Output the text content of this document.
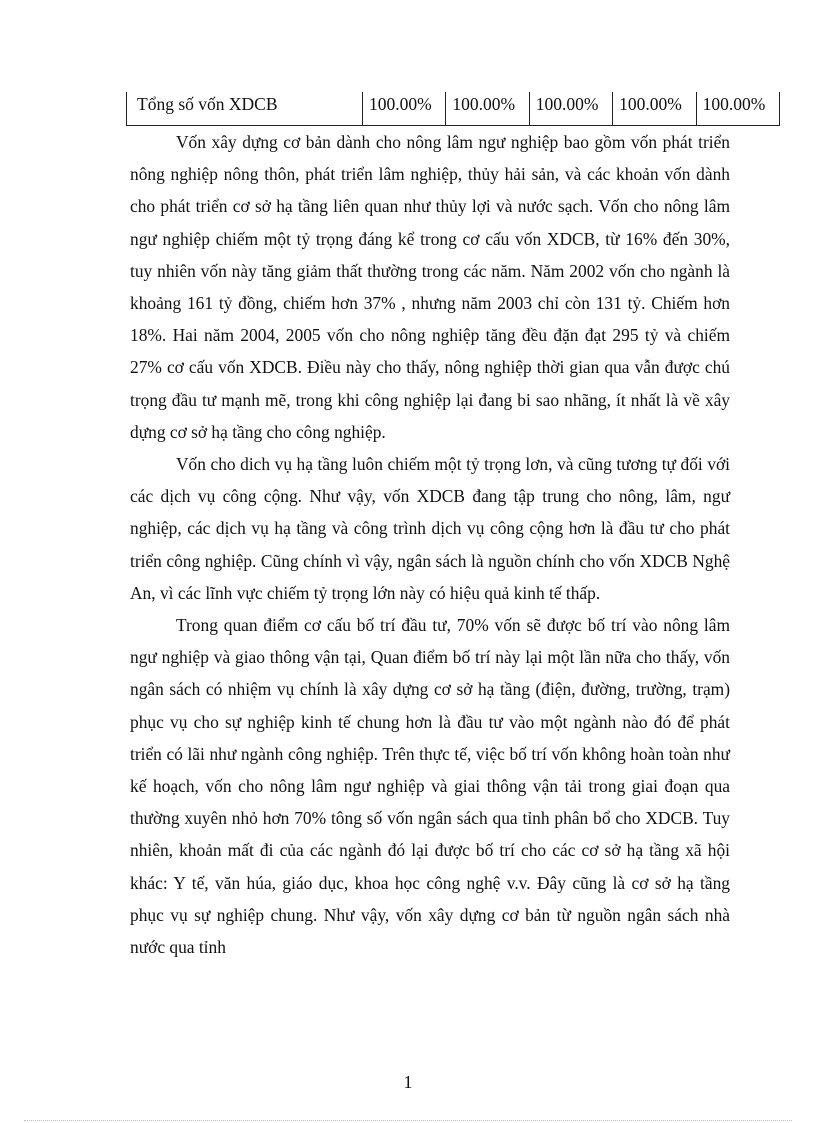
Tổng số vốn XDCB	100.00%	100.00%	100.00%	100.00%	100.00%

Vốn xây dựng cơ bản dành cho nông lâm ngư nghiệp bao gồm vốn phát triển nông nghiệp nông thôn, phát triển lâm nghiệp, thủy hải sản, và các khoản vốn dành cho phát triển cơ sở hạ tầng liên quan như thủy lợi và nước sạch. Vốn cho nông lâm ngư nghiệp chiếm một tỷ trọng đáng kể trong cơ cấu vốn XDCB, từ 16% đến 30%, tuy nhiên vốn này tăng giảm thất thường trong các năm. Năm 2002 vốn cho ngành là khoảng 161 tỷ đồng, chiếm hơn 37% , nhưng năm 2003 chỉ còn 131 tỷ. Chiếm hơn 18%. Hai năm 2004, 2005 vốn cho nông nghiệp tăng đều đặn đạt 295 tỷ và chiếm 27% cơ cấu vốn XDCB. Điều này cho thấy, nông nghiệp thời gian qua vẫn được chú trọng đầu tư mạnh mẽ, trong khi công nghiệp lại đang bi sao nhãng, ít nhất là về xây dựng cơ sở hạ tầng cho công nghiệp.

Vốn cho dich vụ hạ tầng luôn chiếm một tỷ trọng lơn, và cũng tương tự đối với các dịch vụ công cộng. Như vậy, vốn XDCB đang tập trung cho nông, lâm, ngư nghiệp, các dịch vụ hạ tầng và công trình dịch vụ công cộng hơn là đầu tư cho phát triển công nghiệp. Cũng chính vì vậy, ngân sách là nguồn chính cho vốn XDCB Nghệ An, vì các lĩnh vực chiếm tỷ trọng lớn này có hiệu quả kinh tế thấp.

Trong quan điểm cơ cấu bố trí đầu tư, 70% vốn sẽ được bố trí vào nông lâm ngư nghiệp và giao thông vận tại, Quan điểm bố trí này lại một lần nữa cho thấy, vốn ngân sách có nhiệm vụ chính là xây dựng cơ sở hạ tầng (điện, đường, trường, trạm) phục vụ cho sự nghiệp kinh tế chung hơn là đầu tư vào một ngành nào đó để phát triển có lãi như ngành công nghiệp. Trên thực tế, việc bố trí vốn không hoàn toàn như kế hoạch, vốn cho nông lâm ngư nghiệp và giai thông vận tải trong giai đoạn qua thường xuyên nhỏ hơn 70% tông số vốn ngân sách qua tỉnh phân bổ cho XDCB. Tuy nhiên, khoản mất đi của các ngành đó lại được bố trí cho các cơ sở hạ tầng xã hội khác: Y tế, văn húa, giáo dục, khoa học công nghệ v.v. Đây cũng là cơ sở hạ tầng phục vụ sự nghiệp chung. Như vậy, vốn xây dựng cơ bản từ nguồn ngân sách nhà nước qua tỉnh

1
